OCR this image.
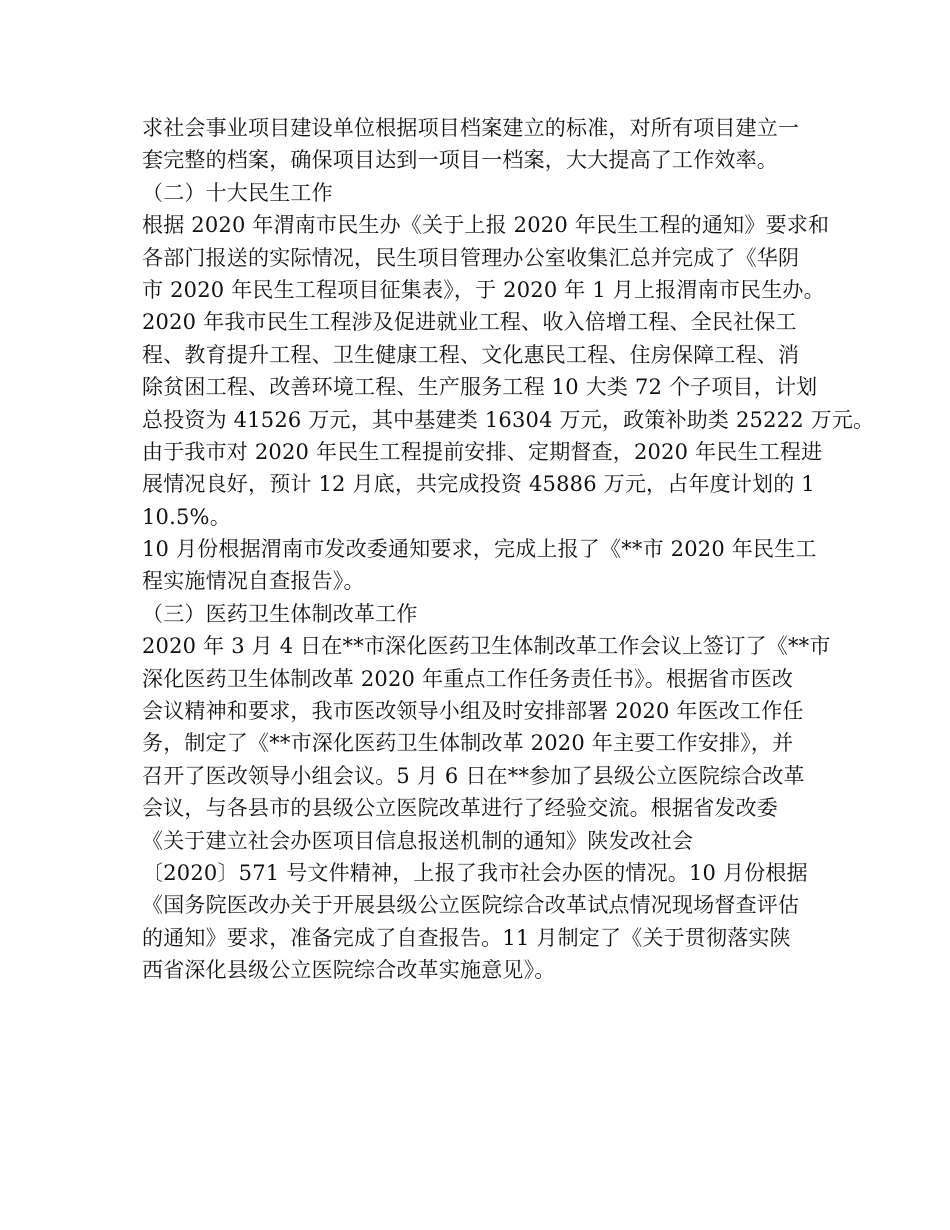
求社会事业项目建设单位根据项目档案建立的标准，对所有项目建立一
套完整的档案，确保项目达到一项目一档案，大大提高了工作效率。
（二）十大民生工作
根据 2020 年渭南市民生办《关于上报 2020 年民生工程的通知》要求和
各部门报送的实际情况，民生项目管理办公室收集汇总并完成了《华阴
市 2020 年民生工程项目征集表》，于 2020 年 1 月上报渭南市民生办。
2020 年我市民生工程涉及促进就业工程、收入倍增工程、全民社保工
程、教育提升工程、卫生健康工程、文化惠民工程、住房保障工程、消
除贫困工程、改善环境工程、生产服务工程 10 大类 72 个子项目，计划
总投资为 41526 万元，其中基建类 16304 万元，政策补助类 25222 万元。
由于我市对 2020 年民生工程提前安排、定期督查，2020 年民生工程进
展情况良好，预计 12 月底，共完成投资 45886 万元，占年度计划的 1
10.5%。
10 月份根据渭南市发改委通知要求，完成上报了《**市 2020 年民生工
程实施情况自查报告》。
（三）医药卫生体制改革工作
2020 年 3 月 4 日在**市深化医药卫生体制改革工作会议上签订了《**市
深化医药卫生体制改革 2020 年重点工作任务责任书》。根据省市医改
会议精神和要求，我市医改领导小组及时安排部署 2020 年医改工作任
务，制定了《**市深化医药卫生体制改革 2020 年主要工作安排》，并
召开了医改领导小组会议。5 月 6 日在**参加了县级公立医院综合改革
会议，与各县市的县级公立医院改革进行了经验交流。根据省发改委
《关于建立社会办医项目信息报送机制的通知》陕发改社会
〔2020〕571 号文件精神，上报了我市社会办医的情况。10 月份根据
《国务院医改办关于开展县级公立医院综合改革试点情况现场督查评估
的通知》要求，准备完成了自查报告。11 月制定了《关于贯彻落实陕
西省深化县级公立医院综合改革实施意见》。
